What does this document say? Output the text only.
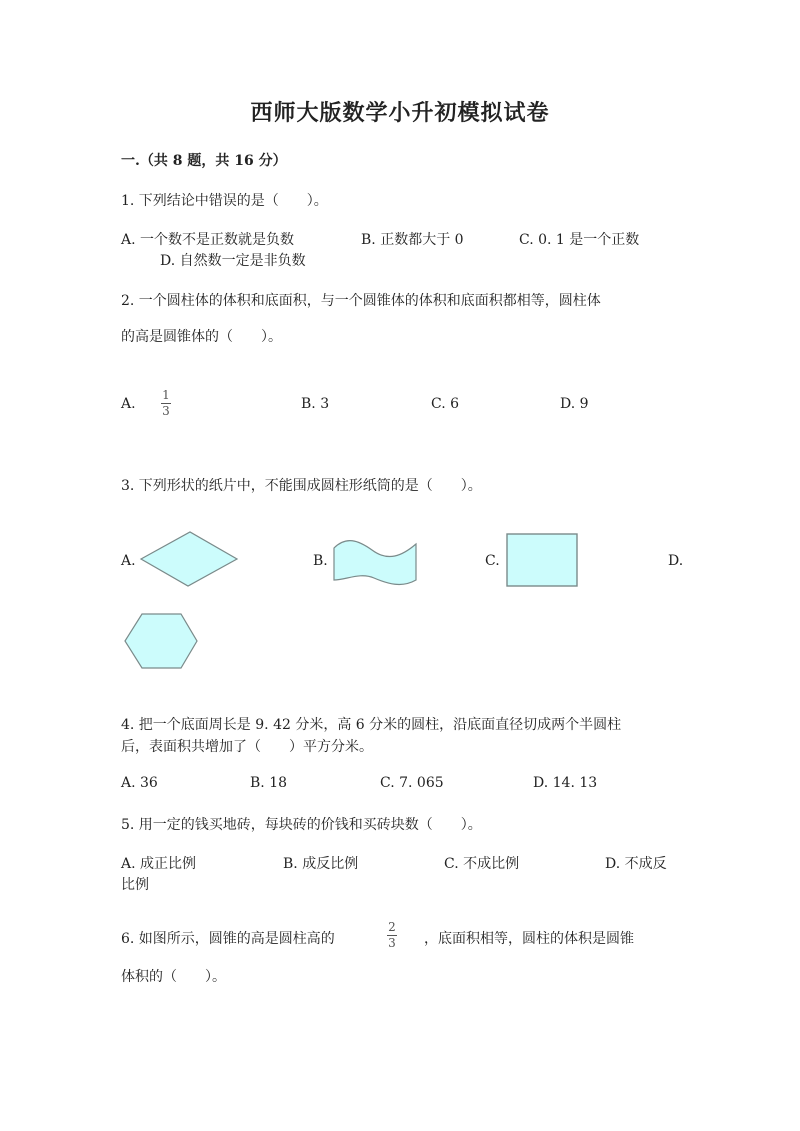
西师大版数学小升初模拟试卷
一.（共 8 题，共 16 分）
1. 下列结论中错误的是（　　）。
A. 一个数不是正数就是负数	B. 正数都大于 0	C. 0. 1 是一个正数
D. 自然数一定是非负数
2. 一个圆柱体的体积和底面积，与一个圆锥体的体积和底面积都相等，圆柱体
的高是圆锥体的（　　）。
A.
1
3	B. 3	C. 6	D. 9
3. 下列形状的纸片中，不能围成圆柱形纸筒的是（　　）。
A.	B.	C.	D.
4. 把一个底面周长是 9. 42 分米，高 6 分米的圆柱，沿底面直径切成两个半圆柱
后，表面积共增加了（　　）平方分米。
A. 36	B. 18	C. 7. 065	D. 14. 13
5. 用一定的钱买地砖，每块砖的价钱和买砖块数（　　）。
A. 成正比例	B. 成反比例	C. 不成比例	D. 不成反
比例
6. 如图所示，圆锥的高是圆柱高的
2
3 ，底面积相等，圆柱的体积是圆锥
体积的（　　）。
